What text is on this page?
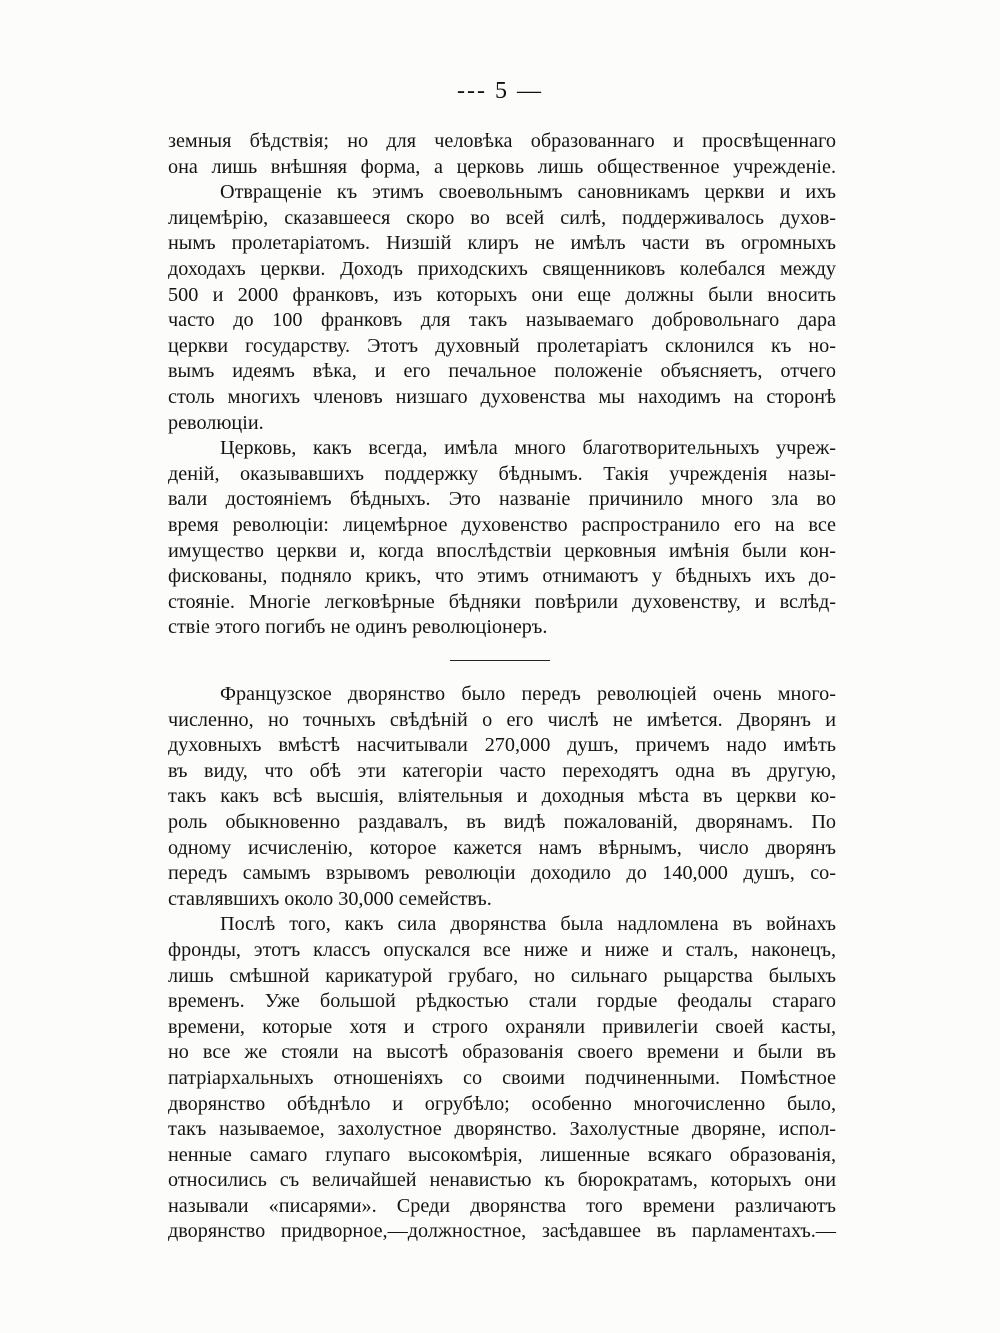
--- 5 —
земныя бѣдствія; но для человѣка образованнаго и просвѣщеннаго
она лишь внѣшняя форма, а церковь лишь общественное учрежденіе.
Отвращеніе къ этимъ своевольнымъ сановникамъ церкви и ихъ
лицемѣрію, сказавшееся скоро во всей силѣ, поддерживалось духов-
нымъ пролетаріатомъ. Низшій клиръ не имѣлъ части въ огромныхъ
доходахъ церкви. Доходъ приходскихъ священниковъ колебался между
500 и 2000 франковъ, изъ которыхъ они еще должны были вносить
часто до 100 франковъ для такъ называемаго добровольнаго дара
церкви государству. Этотъ духовный пролетаріатъ склонился къ но-
вымъ идеямъ вѣка, и его печальное положеніе объясняетъ, отчего
столь многихъ членовъ низшаго духовенства мы находимъ на сторонѣ
революціи.
Церковь, какъ всегда, имѣла много благотворительныхъ учреж-
деній, оказывавшихъ поддержку бѣднымъ. Такія учрежденія назы-
вали достояніемъ бѣдныхъ. Это названіе причинило много зла во
время революціи: лицемѣрное духовенство распространило его на все
имущество церкви и, когда впослѣдствіи церковныя имѣнія были кон-
фискованы, подняло крикъ, что этимъ отнимаютъ у бѣдныхъ ихъ до-
стояніе. Многіе легковѣрные бѣдняки повѣрили духовенству, и вслѣд-
ствіе этого погибъ не одинъ революціонеръ.
Французское дворянство было передъ революціей очень много-
численно, но точныхъ свѣдѣній о его числѣ не имѣется. Дворянъ и
духовныхъ вмѣстѣ насчитывали 270,000 душъ, причемъ надо имѣть
въ виду, что обѣ эти категоріи часто переходятъ одна въ другую,
такъ какъ всѣ высшія, вліятельныя и доходныя мѣста въ церкви ко-
роль обыкновенно раздавалъ, въ видѣ пожалованій, дворянамъ. По
одному исчисленію, которое кажется намъ вѣрнымъ, число дворянъ
передъ самымъ взрывомъ революціи доходило до 140,000 душъ, со-
ставлявшихъ около 30,000 семействъ.
Послѣ того, какъ сила дворянства была надломлена въ войнахъ
фронды, этотъ классъ опускался все ниже и ниже и сталъ, наконецъ,
лишь смѣшной карикатурой грубаго, но сильнаго рыцарства былыхъ
временъ. Уже большой рѣдкостью стали гордые феодалы стараго
времени, которые хотя и строго охраняли привилегіи своей касты,
но все же стояли на высотѣ образованія своего времени и были въ
патріархальныхъ отношеніяхъ со своими подчиненными. Помѣстное
дворянство обѣднѣло и огрубѣло; особенно многочисленно было,
такъ называемое, захолустное дворянство. Захолустные дворяне, испол-
ненные самаго глупаго высокомѣрія, лишенные всякаго образованія,
относились съ величайшей ненавистью къ бюрократамъ, которыхъ они
называли «писарями». Среди дворянства того времени различаютъ
дворянство придворное,—должностное, засѣдавшее въ парламентахъ.—
